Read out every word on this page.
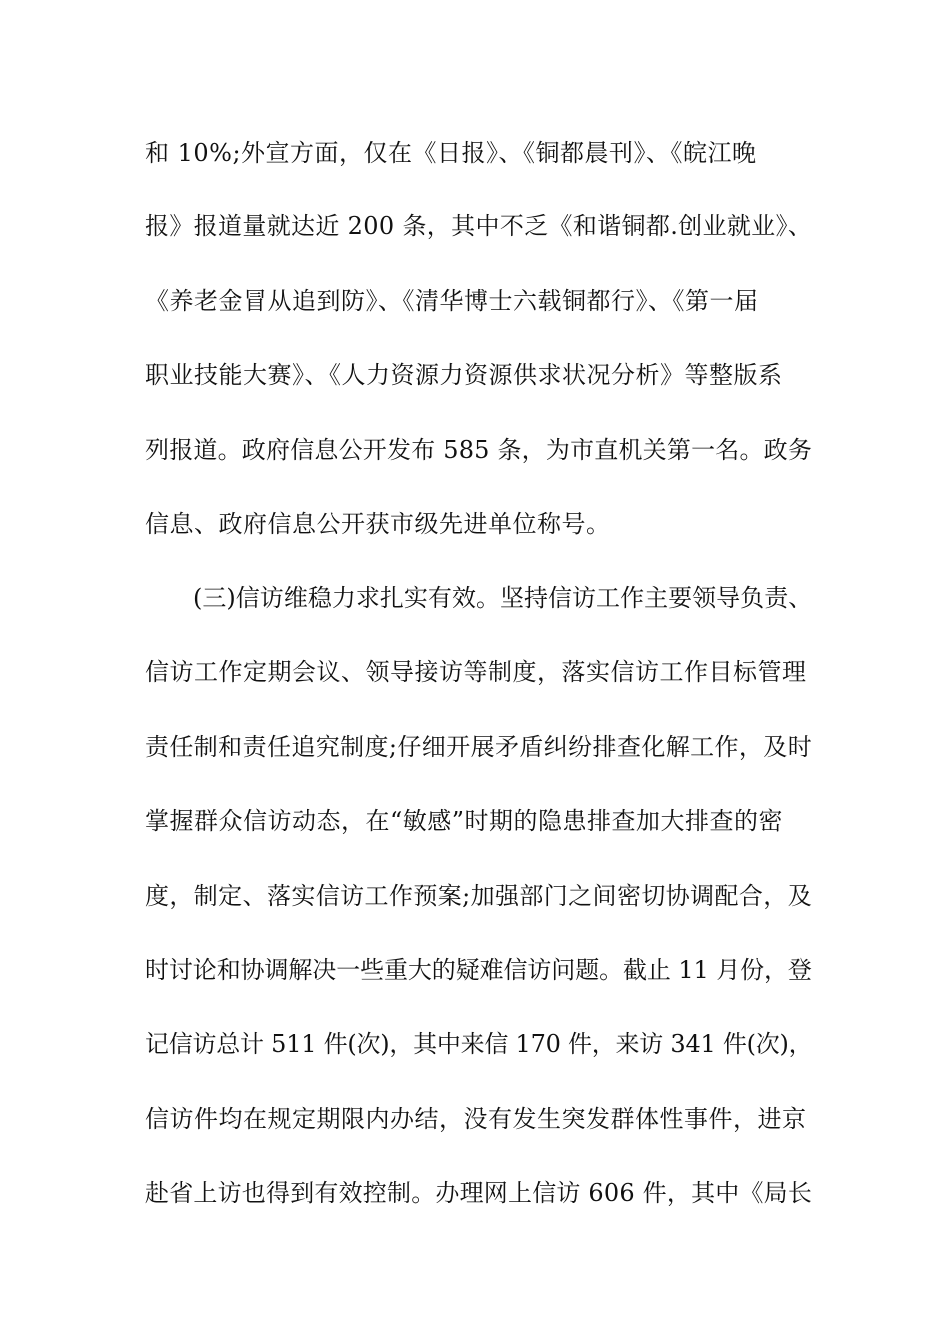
和 10%;外宣方面，仅在《日报》、《铜都晨刊》、《皖江晚
报》报道量就达近 200 条，其中不乏《和谐铜都.创业就业》、
《养老金冒从追到防》、《清华博士六载铜都行》、《第一届
职业技能大赛》、《人力资源力资源供求状况分析》等整版系
列报道。政府信息公开发布 585 条，为市直机关第一名。政务
信息、政府信息公开获市级先进单位称号。
(三)信访维稳力求扎实有效。坚持信访工作主要领导负责、
信访工作定期会议、领导接访等制度，落实信访工作目标管理
责任制和责任追究制度;仔细开展矛盾纠纷排查化解工作，及时
掌握群众信访动态，在“敏感”时期的隐患排查加大排查的密
度，制定、落实信访工作预案;加强部门之间密切协调配合，及
时讨论和协调解决一些重大的疑难信访问题。截止 11 月份，登
记信访总计 511 件(次)，其中来信 170 件，来访 341 件(次)，
信访件均在规定期限内办结，没有发生突发群体性事件，进京
赴省上访也得到有效控制。办理网上信访 606 件，其中《局长
